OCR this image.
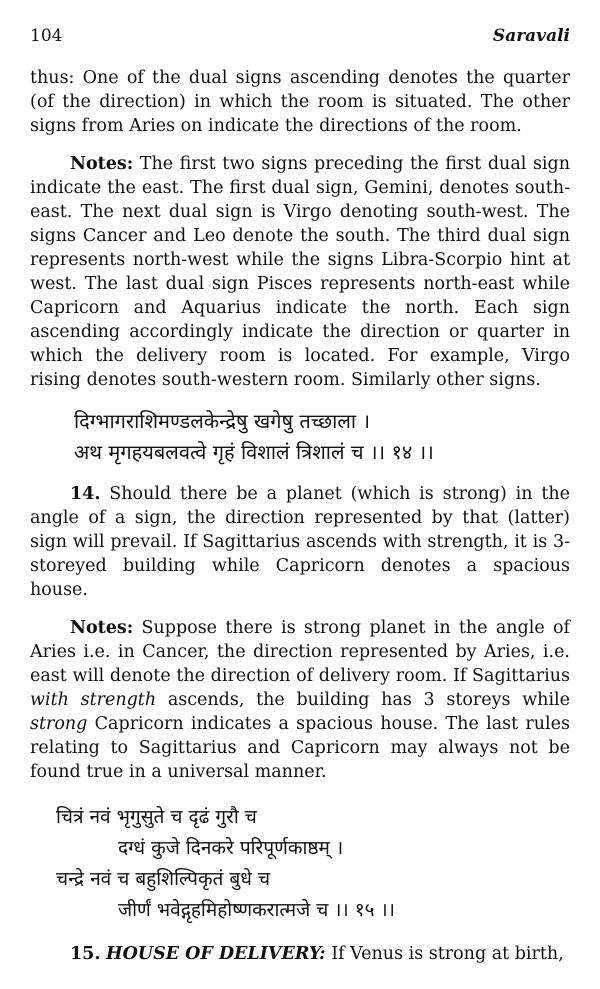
104	Saravali

thus: One of the dual signs ascending denotes the quarter (of the direction) in which the room is situated. The other signs from Aries on indicate the directions of the room.

Notes: The first two signs preceding the first dual sign indicate the east. The first dual sign, Gemini, denotes south-east. The next dual sign is Virgo denoting south-west. The signs Cancer and Leo denote the south. The third dual sign represents north-west while the signs Libra-Scorpio hint at west. The last dual sign Pisces represents north-east while Capricorn and Aquarius indicate the north. Each sign ascending accordingly indicate the direction or quarter in which the delivery room is located. For example, Virgo rising denotes south-western room. Similarly other signs.

दिग्भागराशिमण्डलकेन्द्रेषु खगेषु तच्छाला ।
अथ मृगहयबलवत्वे गृहं विशालं त्रिशालं च ।। १४ ।।

14. Should there be a planet (which is strong) in the angle of a sign, the direction represented by that (latter) sign will prevail. If Sagittarius ascends with strength, it is 3-storeyed building while Capricorn denotes a spacious house.

Notes: Suppose there is strong planet in the angle of Aries i.e. in Cancer, the direction represented by Aries, i.e. east will denote the direction of delivery room. If Sagittarius with strength ascends, the building has 3 storeys while strong Capricorn indicates a spacious house. The last rules relating to Sagittarius and Capricorn may always not be found true in a universal manner.

चित्रं नवं भृगुसुते च दृढं गुरौ च
दग्धं कुजे दिनकरे परिपूर्णकाष्ठम् ।
चन्द्रे नवं च बहुशिल्पिकृतं बुधे च
जीर्णं भवेद्गृहमिहोष्णकरात्मजे च ।। १५ ।।

15. HOUSE OF DELIVERY: If Venus is strong at birth,
